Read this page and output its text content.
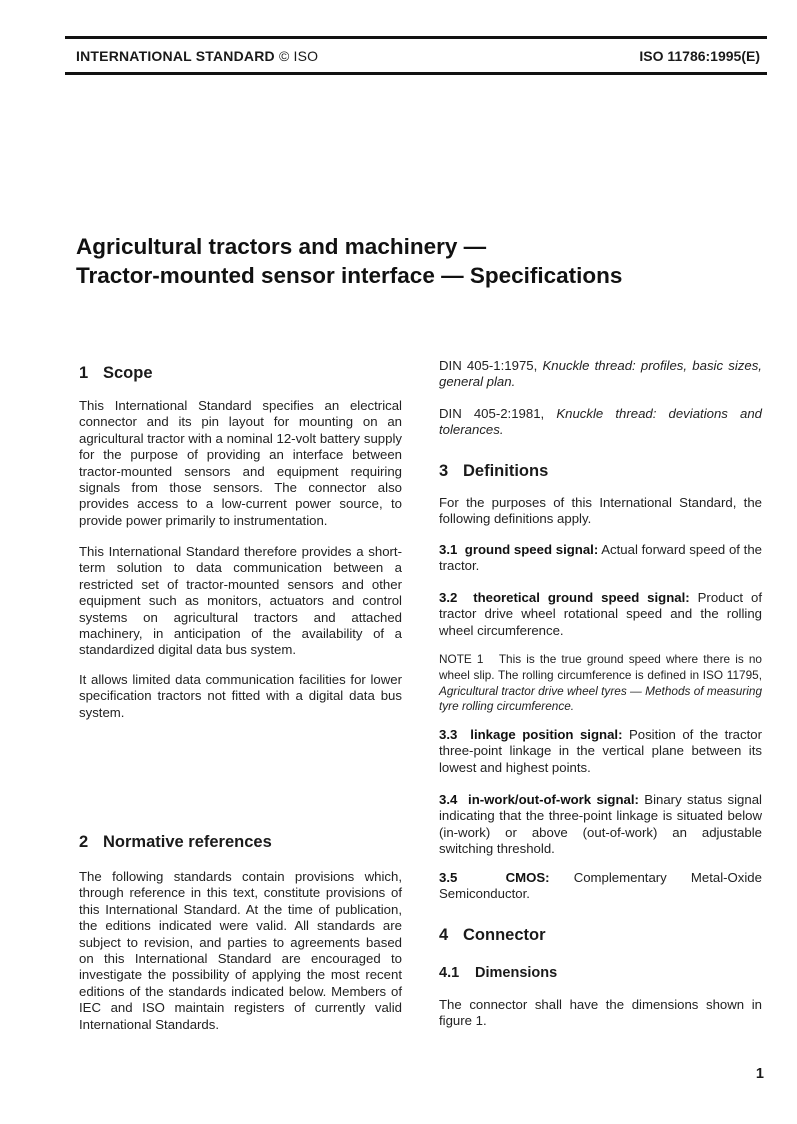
INTERNATIONAL STANDARD © ISO	ISO 11786:1995(E)
Agricultural tractors and machinery —
Tractor-mounted sensor interface — Specifications
1 Scope
This International Standard specifies an electrical connector and its pin layout for mounting on an agricultural tractor with a nominal 12-volt battery supply for the purpose of providing an interface between tractor-mounted sensors and equipment requiring signals from those sensors. The connector also provides access to a low-current power source, to provide power primarily to instrumentation.
This International Standard therefore provides a short-term solution to data communication between a restricted set of tractor-mounted sensors and other equipment such as monitors, actuators and control systems on agricultural tractors and attached machinery, in anticipation of the availability of a standardized digital data bus system.
It allows limited data communication facilities for lower specification tractors not fitted with a digital data bus system.
2 Normative references
The following standards contain provisions which, through reference in this text, constitute provisions of this International Standard. At the time of publication, the editions indicated were valid. All standards are subject to revision, and parties to agreements based on this International Standard are encouraged to investigate the possibility of applying the most recent editions of the standards indicated below. Members of IEC and ISO maintain registers of currently valid International Standards.
DIN 405-1:1975, Knuckle thread: profiles, basic sizes, general plan.
DIN 405-2:1981, Knuckle thread: deviations and tolerances.
3 Definitions
For the purposes of this International Standard, the following definitions apply.
3.1 ground speed signal: Actual forward speed of the tractor.
3.2 theoretical ground speed signal: Product of tractor drive wheel rotational speed and the rolling wheel circumference.
NOTE 1 This is the true ground speed where there is no wheel slip. The rolling circumference is defined in ISO 11795, Agricultural tractor drive wheel tyres — Methods of measuring tyre rolling circumference.
3.3 linkage position signal: Position of the tractor three-point linkage in the vertical plane between its lowest and highest points.
3.4 in-work/out-of-work signal: Binary status signal indicating that the three-point linkage is situated below (in-work) or above (out-of-work) an adjustable switching threshold.
3.5	CMOS: Complementary Metal-Oxide Semiconductor.
4 Connector
4.1 Dimensions
The connector shall have the dimensions shown in figure 1.
1
